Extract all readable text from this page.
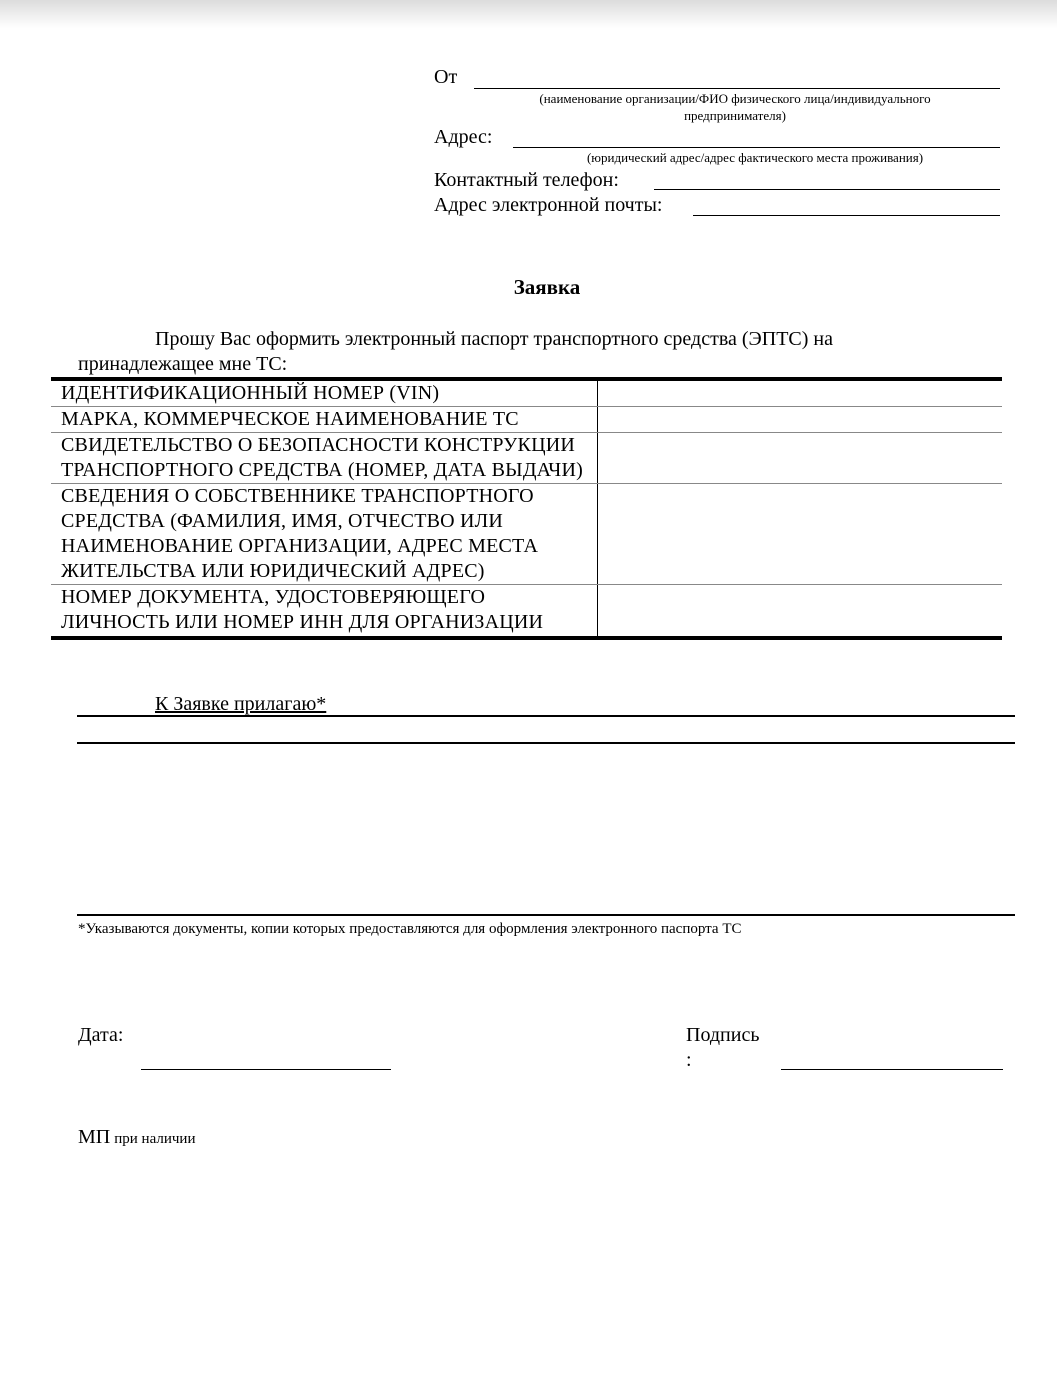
От
(наименование организации/ФИО физического лица/индивидуального предпринимателя)
Адрес:
(юридический адрес/адрес фактического места проживания)
Контактный телефон:
Адрес электронной почты:
Заявка
Прошу Вас оформить электронный паспорт транспортного средства (ЭПТС) на
принадлежащее мне ТС:
ИДЕНТИФИКАЦИОННЫЙ НОМЕР (VIN)	
МАРКА, КОММЕРЧЕСКОЕ НАИМЕНОВАНИЕ ТС	
СВИДЕТЕЛЬСТВО О БЕЗОПАСНОСТИ КОНСТРУКЦИИ ТРАНСПОРТНОГО СРЕДСТВА (НОМЕР, ДАТА ВЫДАЧИ)	
СВЕДЕНИЯ О СОБСТВЕННИКЕ ТРАНСПОРТНОГО СРЕДСТВА (ФАМИЛИЯ, ИМЯ, ОТЧЕСТВО ИЛИ НАИМЕНОВАНИЕ ОРГАНИЗАЦИИ, АДРЕС МЕСТА ЖИТЕЛЬСТВА ИЛИ ЮРИДИЧЕСКИЙ АДРЕС)	
НОМЕР ДОКУМЕНТА, УДОСТОВЕРЯЮЩЕГО ЛИЧНОСТЬ ИЛИ НОМЕР ИНН ДЛЯ ОРГАНИЗАЦИИ	
К Заявке прилагаю*
*Указываются документы, копии которых предоставляются для оформления электронного паспорта ТС
Дата:	Подпись
:
МП при наличии
